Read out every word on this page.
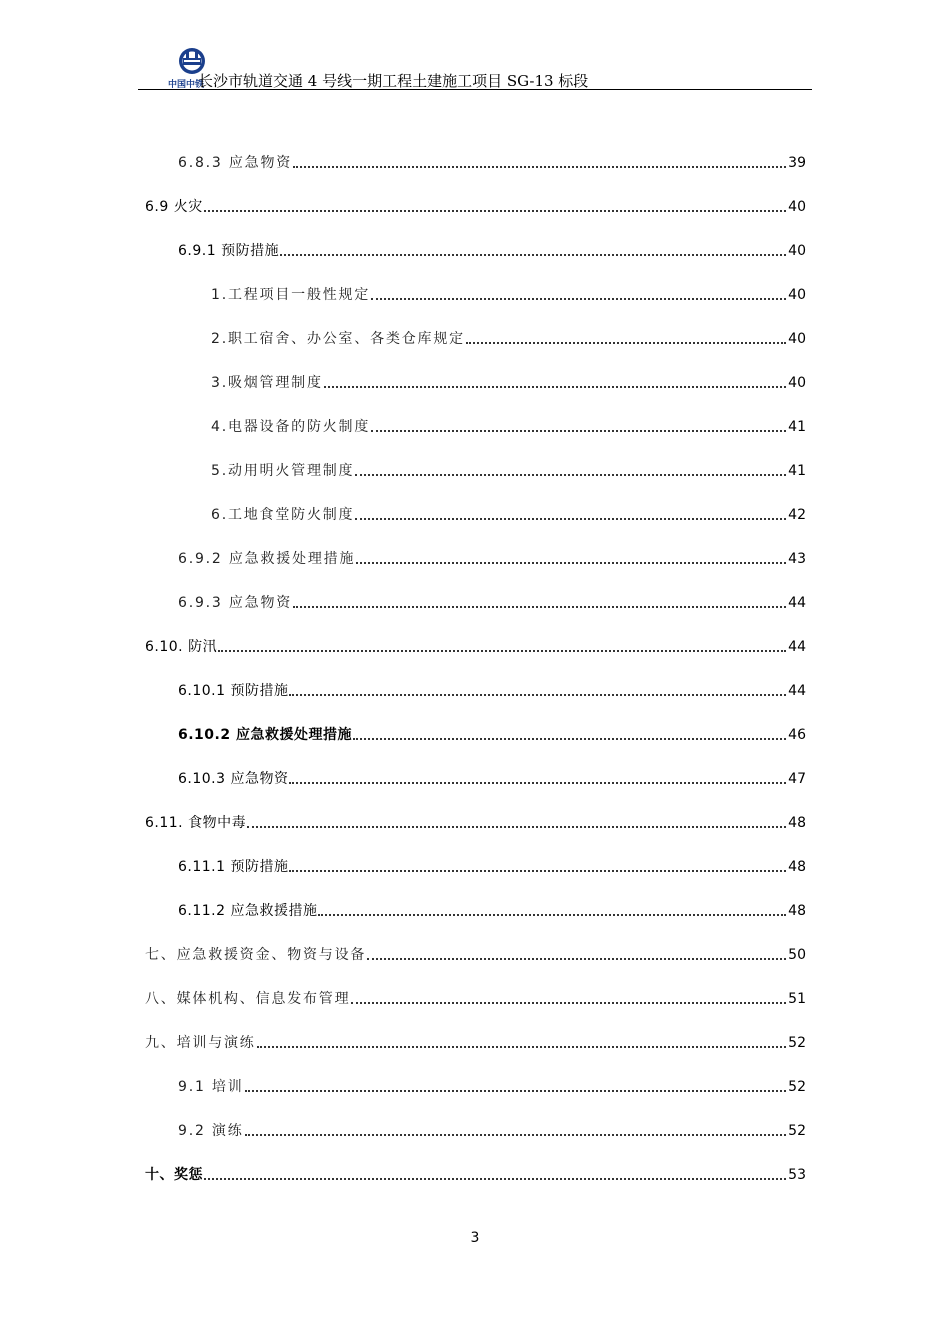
中国中铁
长沙市轨道交通 4 号线一期工程土建施工项目 SG-13 标段
6.8.3 应急物资	39
6.9 火灾	40
6.9.1 预防措施	40
1.工程项目一般性规定	40
2.职工宿舍、办公室、各类仓库规定	40
3.吸烟管理制度	40
4.电器设备的防火制度	41
5.动用明火管理制度	41
6.工地食堂防火制度	42
6.9.2 应急救援处理措施	43
6.9.3 应急物资	44
6.10. 防汛	44
6.10.1 预防措施	44
6.10.2 应急救援处理措施	46
6.10.3 应急物资	47
6.11. 食物中毒	48
6.11.1 预防措施	48
6.11.2 应急救援措施	48
七、应急救援资金、物资与设备	50
八、媒体机构、信息发布管理	51
九、培训与演练	52
9.1 培训	52
9.2 演练	52
十、奖惩	53
3
